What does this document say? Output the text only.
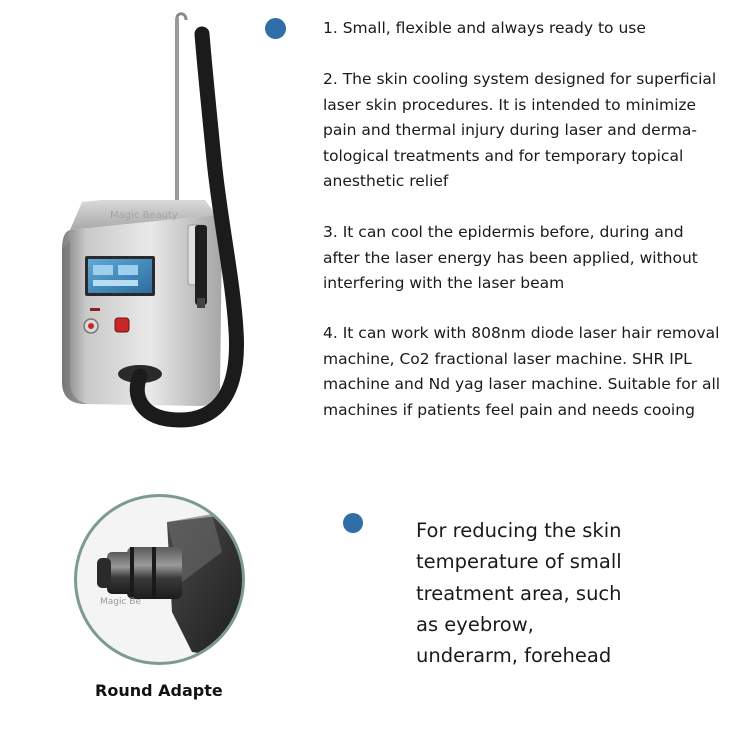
Magic Beauty
1. Small, flexible and always ready to use
2. The skin cooling system designed for superficial
laser skin procedures. It is intended to minimize
pain and thermal injury during laser and derma-
tological treatments and for temporary topical
anesthetic relief
3. It can cool the epidermis before, during and
after the laser energy has been applied, without
interfering with the laser beam
4. It can work with 808nm diode laser hair removal
machine, Co2 fractional laser machine. SHR IPL
machine and Nd yag laser machine. Suitable for all
machines if patients feel pain and needs cooing
Magic Be
Round Adapte
For reducing the skin
temperature of small
treatment area, such
as eyebrow,
underarm, forehead
